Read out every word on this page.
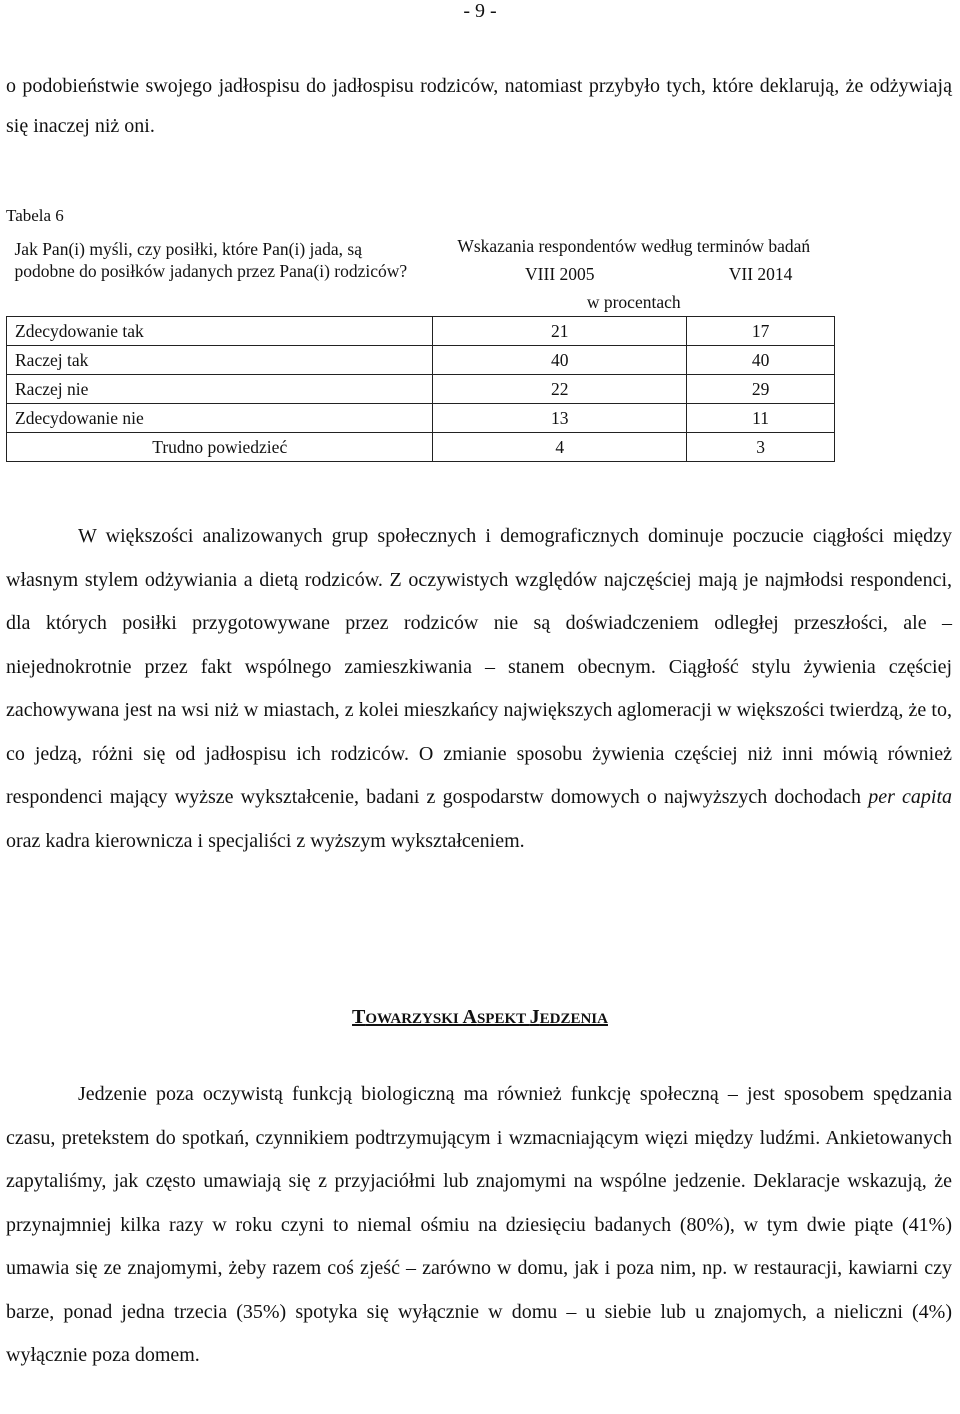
- 9 -

o podobieństwie swojego jadłospisu do jadłospisu rodziców, natomiast przybyło tych, które deklarują, że odżywiają się inaczej niż oni.

Tabela 6
Jak Pan(i) myśli, czy posiłki, które Pan(i) jada, są podobne do posiłków jadanych przez Pana(i) rodziców?	Wskazania respondentów według terminów badań	
	VIII 2005	VII 2014
	w procentach	
Zdecydowanie tak	21	17
Raczej tak	40	40
Raczej nie	22	29
Zdecydowanie nie	13	11
Trudno powiedzieć	4	3

W większości analizowanych grup społecznych i demograficznych dominuje poczucie ciągłości między własnym stylem odżywiania a dietą rodziców. Z oczywistych względów najczęściej mają je najmłodsi respondenci, dla których posiłki przygotowywane przez rodziców nie są doświadczeniem odległej przeszłości, ale – niejednokrotnie przez fakt wspólnego zamieszkiwania – stanem obecnym. Ciągłość stylu żywienia częściej zachowywana jest na wsi niż w miastach, z kolei mieszkańcy największych aglomeracji w większości twierdzą, że to, co jedzą, różni się od jadłospisu ich rodziców. O zmianie sposobu żywienia częściej niż inni mówią również respondenci mający wyższe wykształcenie, badani z gospodarstw domowych o najwyższych dochodach per capita oraz kadra kierownicza i specjaliści z wyższym wykształceniem.

TOWARZYSKI ASPEKT JEDZENIA

Jedzenie poza oczywistą funkcją biologiczną ma również funkcję społeczną – jest sposobem spędzania czasu, pretekstem do spotkań, czynnikiem podtrzymującym i wzmacniającym więzi między ludźmi. Ankietowanych zapytaliśmy, jak często umawiają się z przyjaciółmi lub znajomymi na wspólne jedzenie. Deklaracje wskazują, że przynajmniej kilka razy w roku czyni to niemal ośmiu na dziesięciu badanych (80%), w tym dwie piąte (41%) umawia się ze znajomymi, żeby razem coś zjeść – zarówno w domu, jak i poza nim, np. w restauracji, kawiarni czy barze, ponad jedna trzecia (35%) spotyka się wyłącznie w domu – u siebie lub u znajomych, a nieliczni (4%) wyłącznie poza domem.
